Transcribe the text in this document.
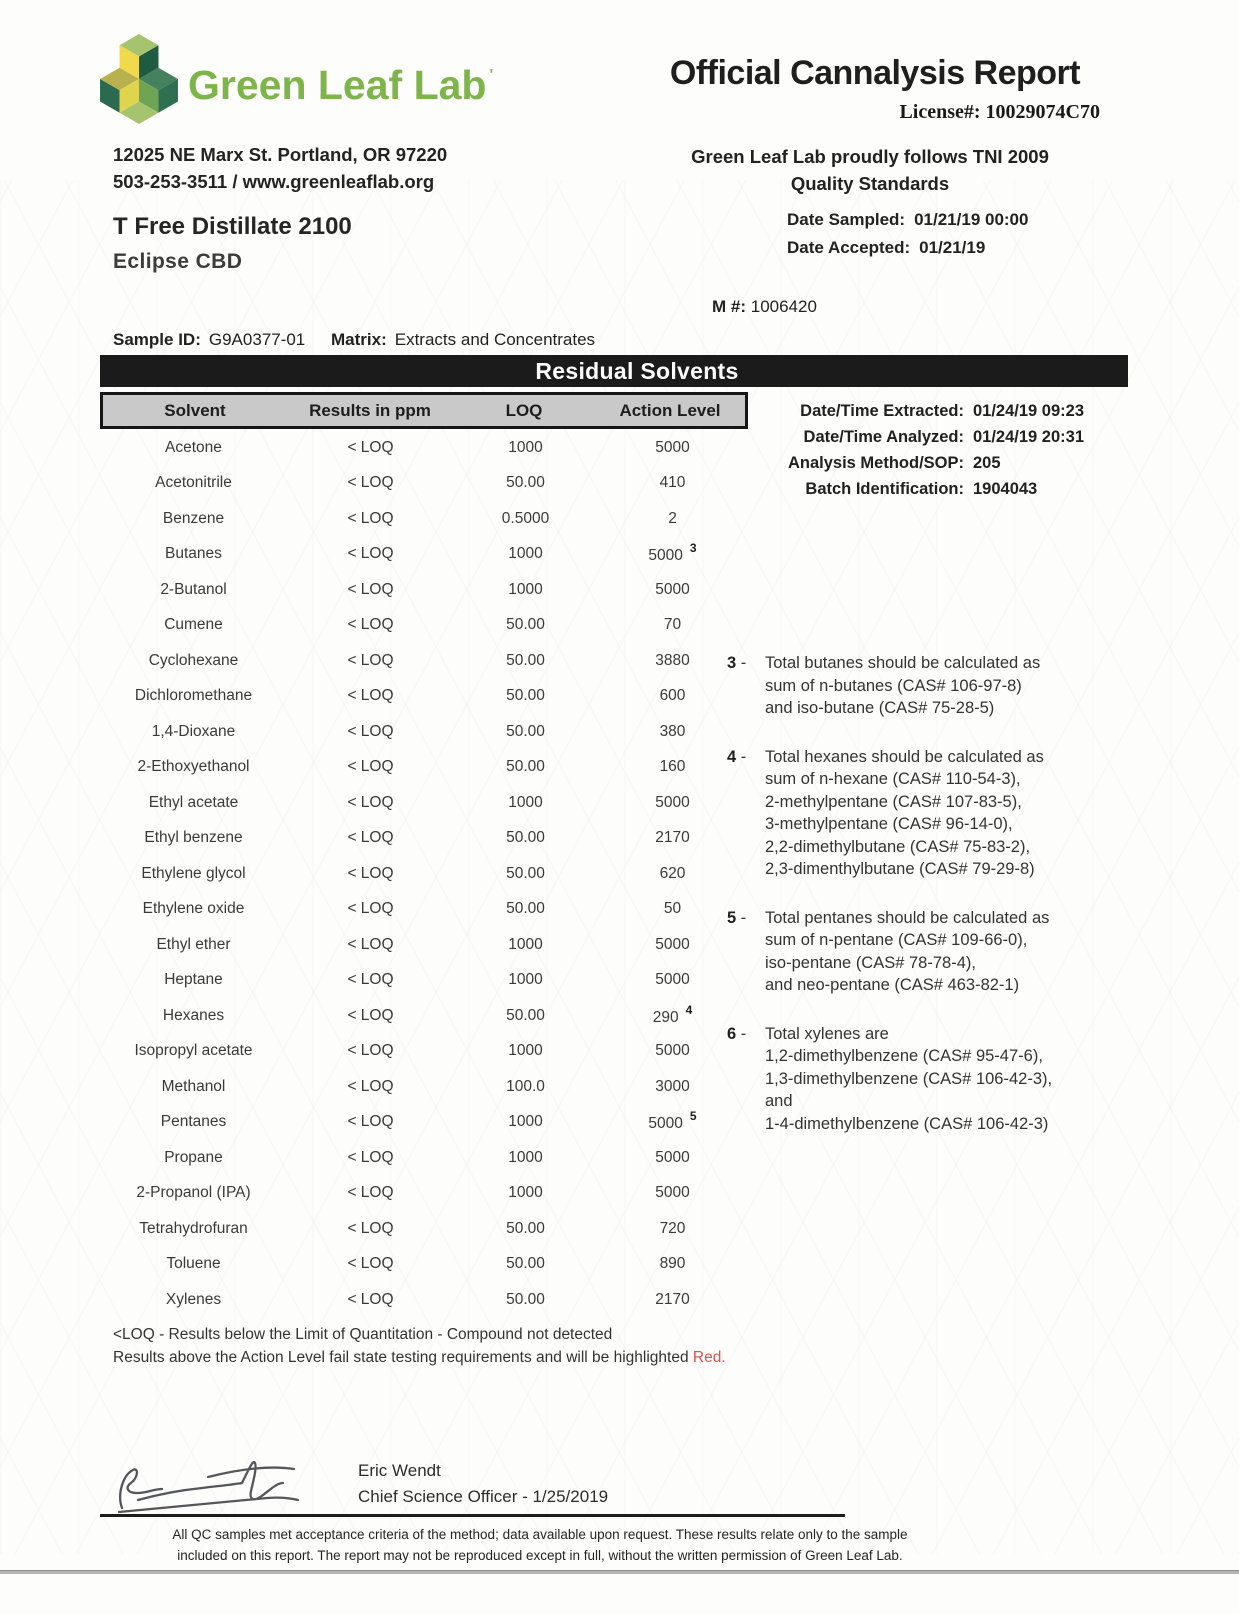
Green Leaf Lab '
12025 NE Marx St. Portland, OR 97220
503-253-3511 / www.greenleaflab.org
Official Cannalysis Report
License#: 10029074C70
Green Leaf Lab proudly follows TNI 2009
Quality Standards
Date Sampled: 01/21/19 00:00
Date Accepted: 01/21/19
T Free Distillate 2100
Eclipse CBD
M #: 1006420
Sample ID: G9A0377-01 Matrix: Extracts and Concentrates
Residual Solvents
Solvent	Results in ppm	LOQ	Action Level
Acetone	< LOQ	1000	5000
Acetonitrile	< LOQ	50.00	410
Benzene	< LOQ	0.5000	2
Butanes	< LOQ	1000	5000 $^3$
2-Butanol	< LOQ	1000	5000
Cumene	< LOQ	50.00	70
Cyclohexane	< LOQ	50.00	3880
Dichloromethane	< LOQ	50.00	600
1,4-Dioxane	< LOQ	50.00	380
2-Ethoxyethanol	< LOQ	50.00	160
Ethyl acetate	< LOQ	1000	5000
Ethyl benzene	< LOQ	50.00	2170
Ethylene glycol	< LOQ	50.00	620
Ethylene oxide	< LOQ	50.00	50
Ethyl ether	< LOQ	1000	5000
Heptane	< LOQ	1000	5000
Hexanes	< LOQ	50.00	290 $^4$
Isopropyl acetate	< LOQ	1000	5000
Methanol	< LOQ	100.0	3000
Pentanes	< LOQ	1000	5000 $^5$
Propane	< LOQ	1000	5000
2-Propanol (IPA)	< LOQ	1000	5000
Tetrahydrofuran	< LOQ	50.00	720
Toluene	< LOQ	50.00	890
Xylenes	< LOQ	50.00	2170
Date/Time Extracted: 01/24/19 09:23
Date/Time Analyzed: 01/24/19 20:31
Analysis Method/SOP: 205
Batch Identification: 1904043
3 - Total butanes should be calculated as
sum of n-butanes (CAS# 106-97-8)
and iso-butane (CAS# 75-28-5)
4 - Total hexanes should be calculated as
sum of n-hexane (CAS# 110-54-3),
2-methylpentane (CAS# 107-83-5),
3-methylpentane (CAS# 96-14-0),
2,2-dimethylbutane (CAS# 75-83-2),
2,3-dimenthylbutane (CAS# 79-29-8)
5 - Total pentanes should be calculated as
sum of n-pentane (CAS# 109-66-0),
iso-pentane (CAS# 78-78-4),
and neo-pentane (CAS# 463-82-1)
6 - Total xylenes are
1,2-dimethylbenzene (CAS# 95-47-6),
1,3-dimethylbenzene (CAS# 106-42-3),
and
1-4-dimethylbenzene (CAS# 106-42-3)
<LOQ - Results below the Limit of Quantitation - Compound not detected
Results above the Action Level fail state testing requirements and will be highlighted Red.
Eric Wendt
Chief Science Officer - 1/25/2019
All QC samples met acceptance criteria of the method; data available upon request. These results relate only to the sample
included on this report. The report may not be reproduced except in full, without the written permission of Green Leaf Lab.
